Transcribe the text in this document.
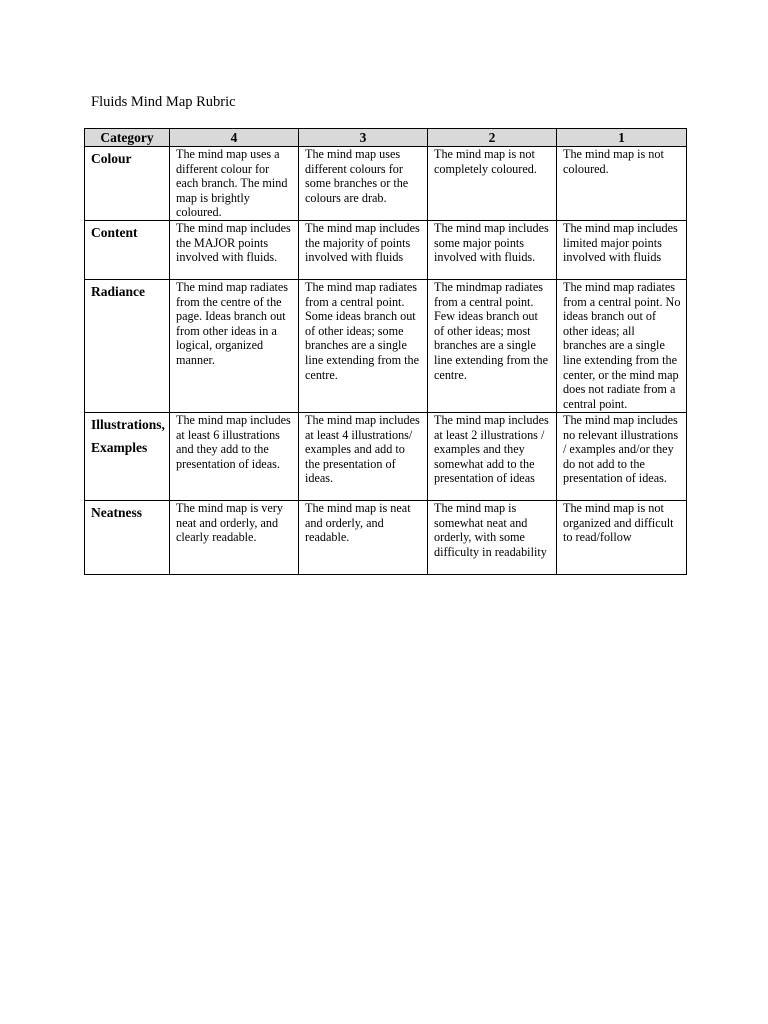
Fluids Mind Map Rubric
Category	4	3	2	1
Colour	The mind map uses a different colour for each branch. The mind map is brightly coloured.	The mind map uses different colours for some branches or the colours are drab.	The mind map is not completely coloured.	The mind map is not coloured.
Content	The mind map includes the MAJOR points involved with fluids.	The mind map includes the majority of points involved with fluids	The mind map includes some major points involved with fluids.	The mind map includes limited major points involved with fluids
Radiance	The mind map radiates from the centre of the page. Ideas branch out from other ideas in a logical, organized manner.	The mind map radiates from a central point. Some ideas branch out of other ideas; some branches are a single line extending from the centre.	The mindmap radiates from a central point. Few ideas branch out of other ideas; most branches are a single line extending from the centre.	The mind map radiates from a central point. No ideas branch out of other ideas; all branches are a single line extending from the center, or the mind map does not radiate from a central point.
Illustrations, Examples	The mind map includes at least 6 illustrations and they add to the presentation of ideas.	The mind map includes at least 4 illustrations/ examples and add to the presentation of ideas.	The mind map includes at least 2 illustrations / examples and they somewhat add to the presentation of ideas	The mind map includes no relevant illustrations / examples and/or they do not add to the presentation of ideas.
Neatness	The mind map is very neat and orderly, and clearly readable.	The mind map is neat and orderly, and readable.	The mind map is somewhat neat and orderly, with some difficulty in readability	The mind map is not organized and difficult to read/follow
